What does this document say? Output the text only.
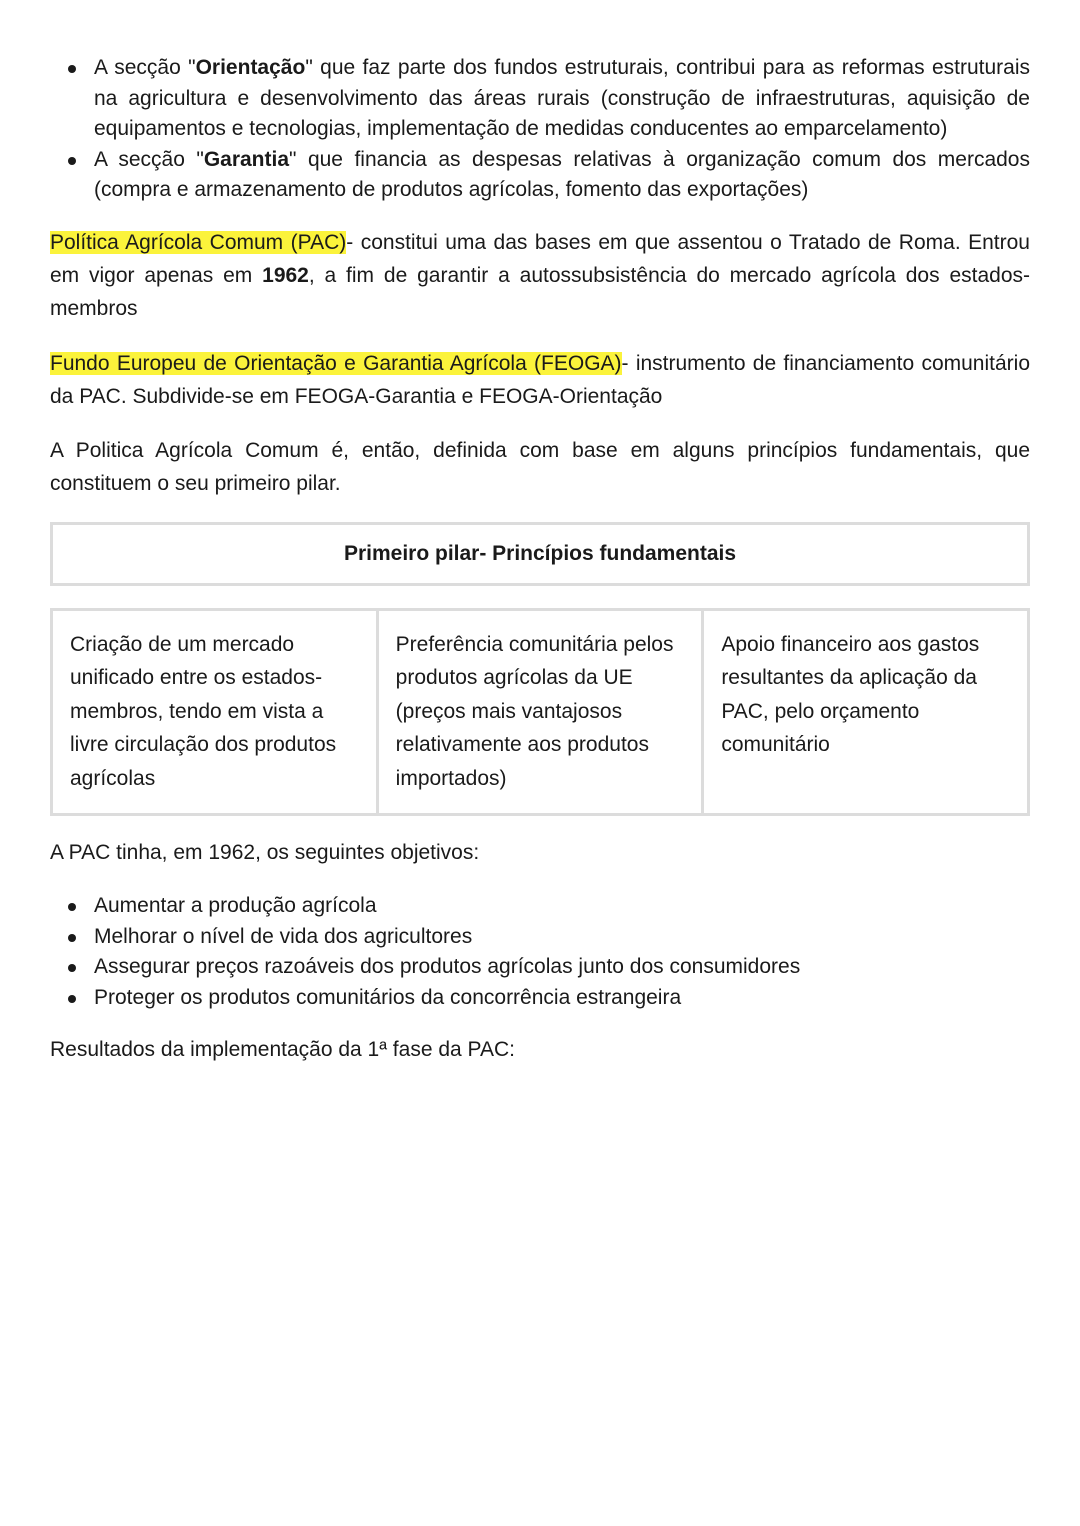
A secção "Orientação" que faz parte dos fundos estruturais, contribui para as reformas estruturais na agricultura e desenvolvimento das áreas rurais (construção de infraestruturas, aquisição de equipamentos e tecnologias, implementação de medidas conducentes ao emparcelamento)
A secção "Garantia" que financia as despesas relativas à organização comum dos mercados (compra e armazenamento de produtos agrícolas, fomento das exportações)

Política Agrícola Comum (PAC)- constitui uma das bases em que assentou o Tratado de Roma. Entrou em vigor apenas em 1962, a fim de garantir a autossubsistência do mercado agrícola dos estados-membros

Fundo Europeu de Orientação e Garantia Agrícola (FEOGA)- instrumento de financiamento comunitário da PAC. Subdivide-se em FEOGA-Garantia e FEOGA-Orientação

A Politica Agrícola Comum é, então, definida com base em alguns princípios fundamentais, que constituem o seu primeiro pilar.

Primeiro pilar- Princípios fundamentais
Criação de um mercado unificado entre os estados-membros, tendo em vista a livre circulação dos produtos agrícolas	Preferência comunitária pelos produtos agrícolas da UE (preços mais vantajosos relativamente aos produtos importados)	Apoio financeiro aos gastos resultantes da aplicação da PAC, pelo orçamento comunitário

A PAC tinha, em 1962, os seguintes objetivos:

Aumentar a produção agrícola
Melhorar o nível de vida dos agricultores
Assegurar preços razoáveis dos produtos agrícolas junto dos consumidores
Proteger os produtos comunitários da concorrência estrangeira

Resultados da implementação da 1ª fase da PAC:
